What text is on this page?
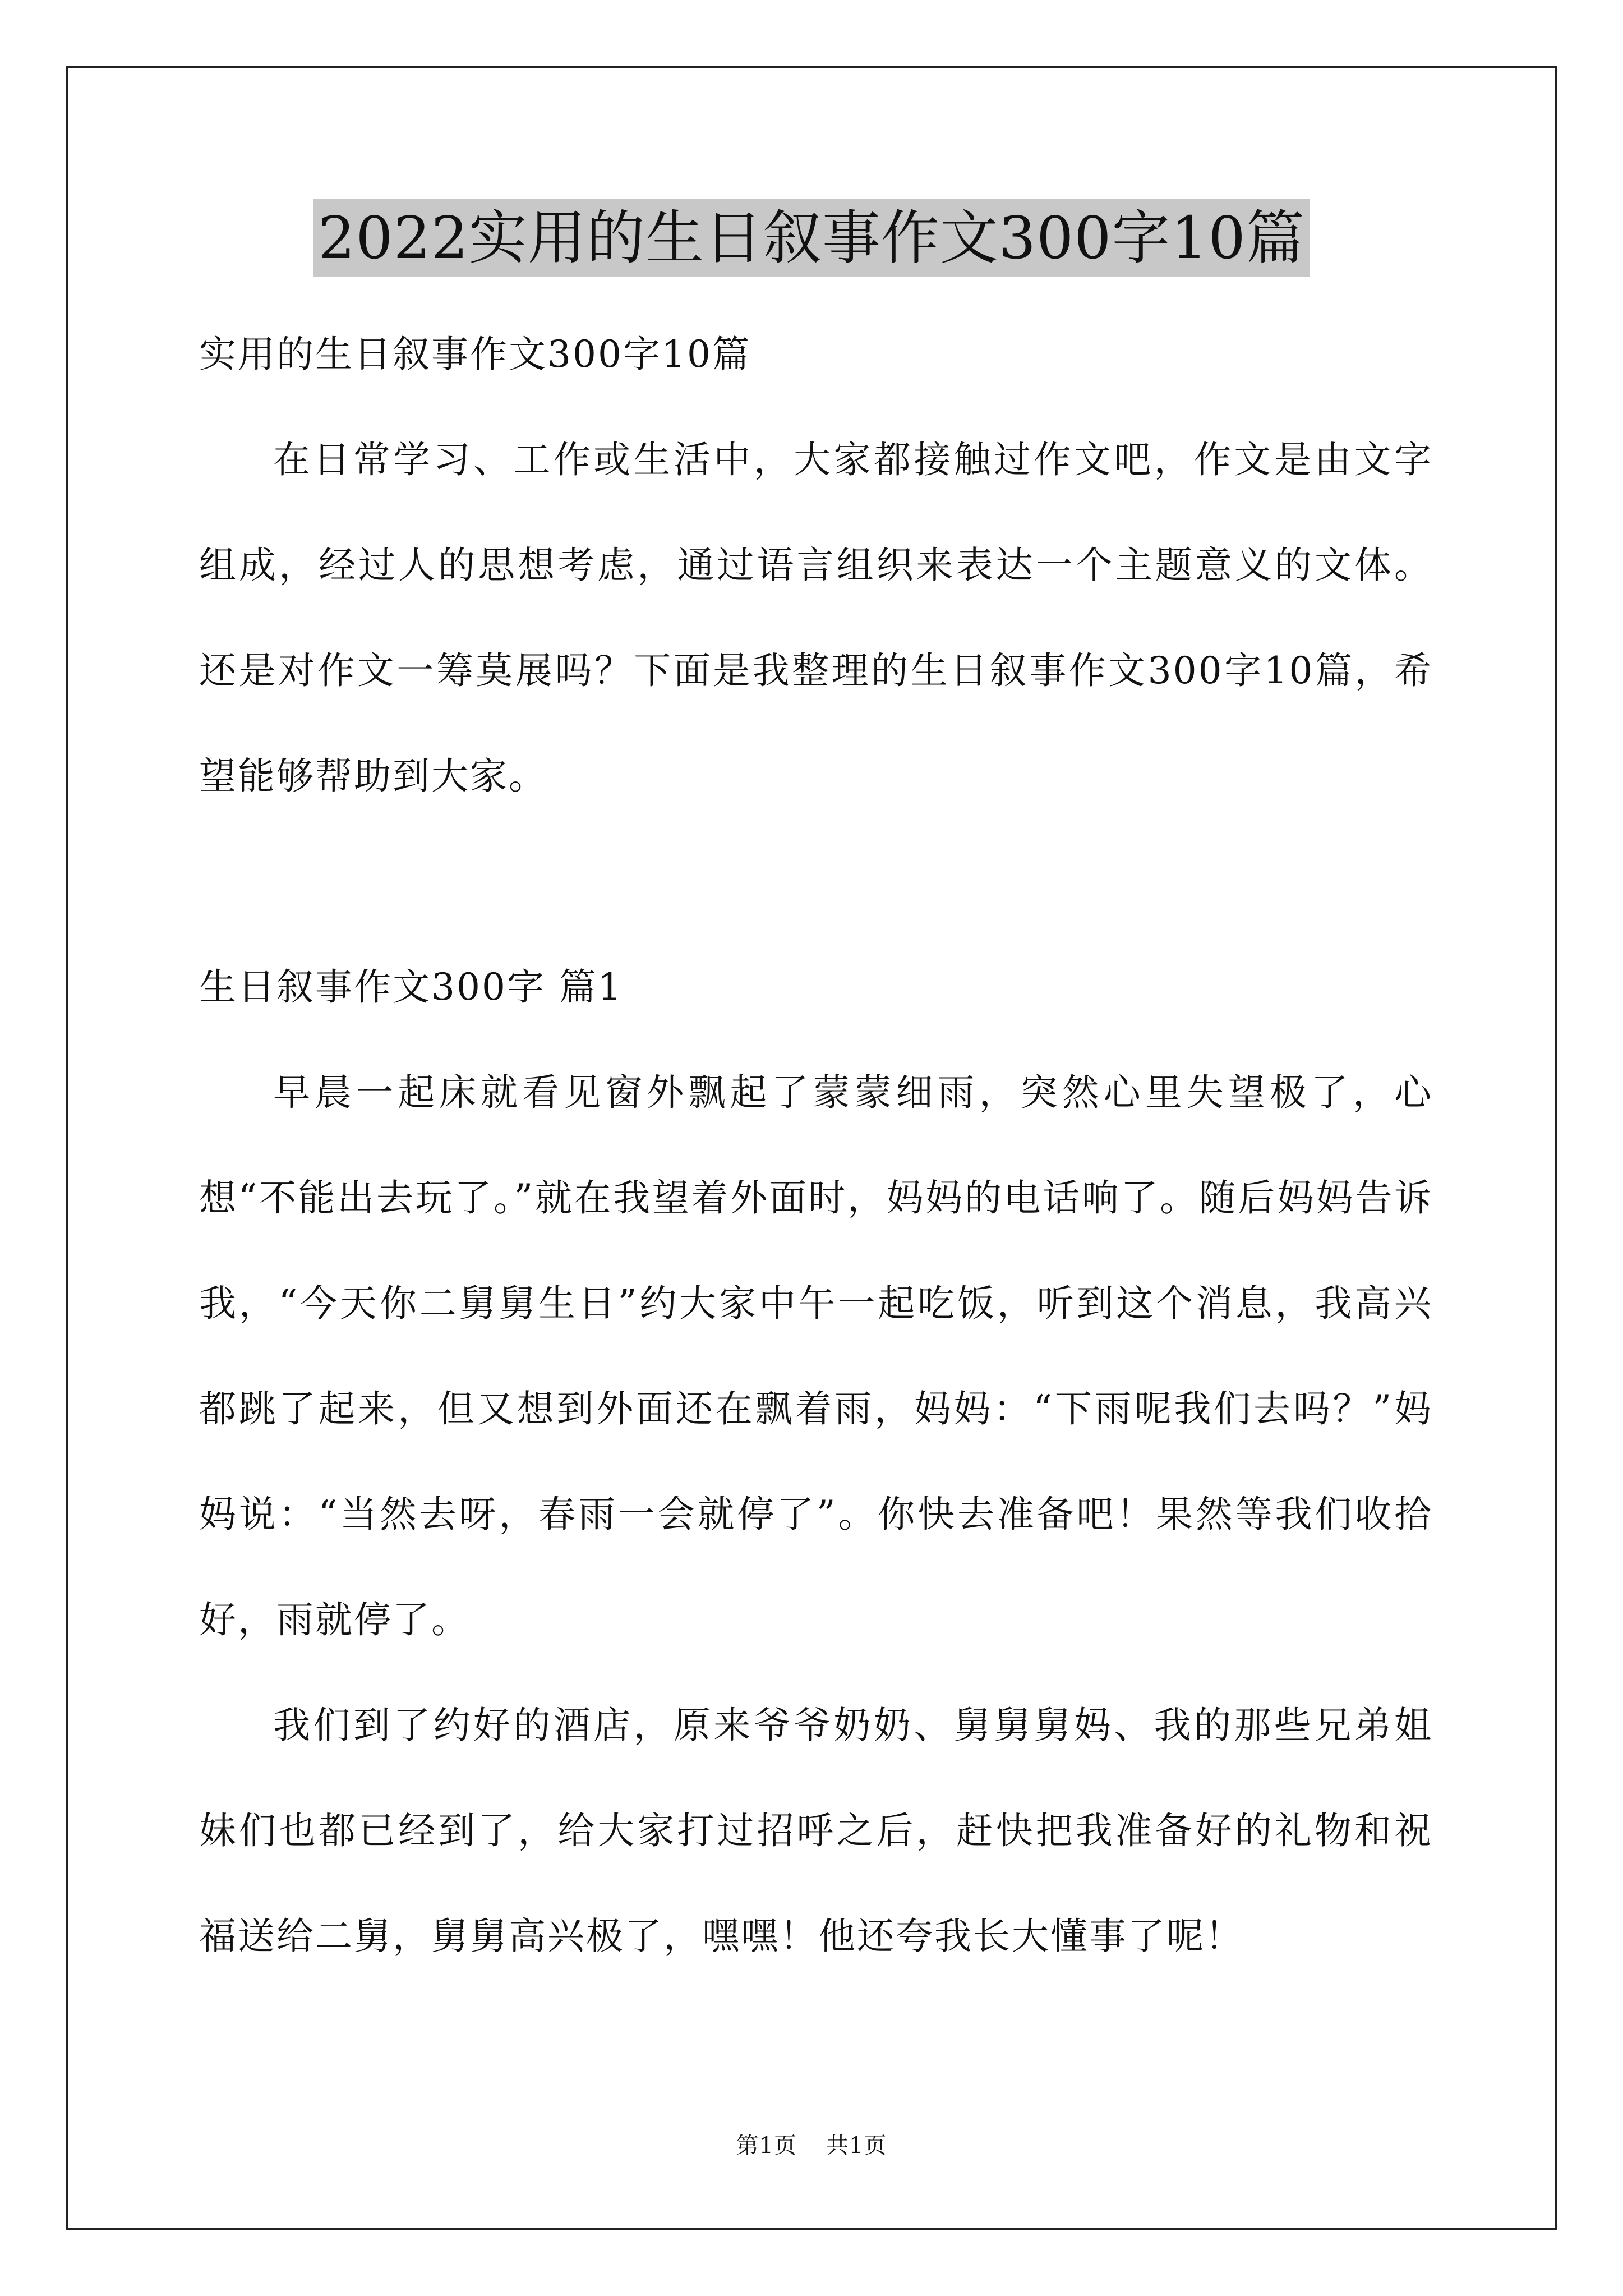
2022实用的生日叙事作文300字10篇
实用的生日叙事作文300字10篇

在日常学习、工作或生活中，大家都接触过作文吧，作文是由文字组成，经过人的思想考虑，通过语言组织来表达一个主题意义的文体。还是对作文一筹莫展吗？下面是我整理的生日叙事作文300字10篇，希望能够帮助到大家。

生日叙事作文300字 篇1

早晨一起床就看见窗外飘起了蒙蒙细雨，突然心里失望极了，心想“不能出去玩了。”就在我望着外面时，妈妈的电话响了。随后妈妈告诉我，“今天你二舅舅生日”约大家中午一起吃饭，听到这个消息，我高兴都跳了起来，但又想到外面还在飘着雨，妈妈：“下雨呢我们去吗？”妈妈说：“当然去呀，春雨一会就停了”。你快去准备吧！果然等我们收拾好，雨就停了。

我们到了约好的酒店，原来爷爷奶奶、舅舅舅妈、我的那些兄弟姐妹们也都已经到了，给大家打过招呼之后，赶快把我准备好的礼物和祝福送给二舅，舅舅高兴极了，嘿嘿！他还夸我长大懂事了呢！

第1页 共1页
